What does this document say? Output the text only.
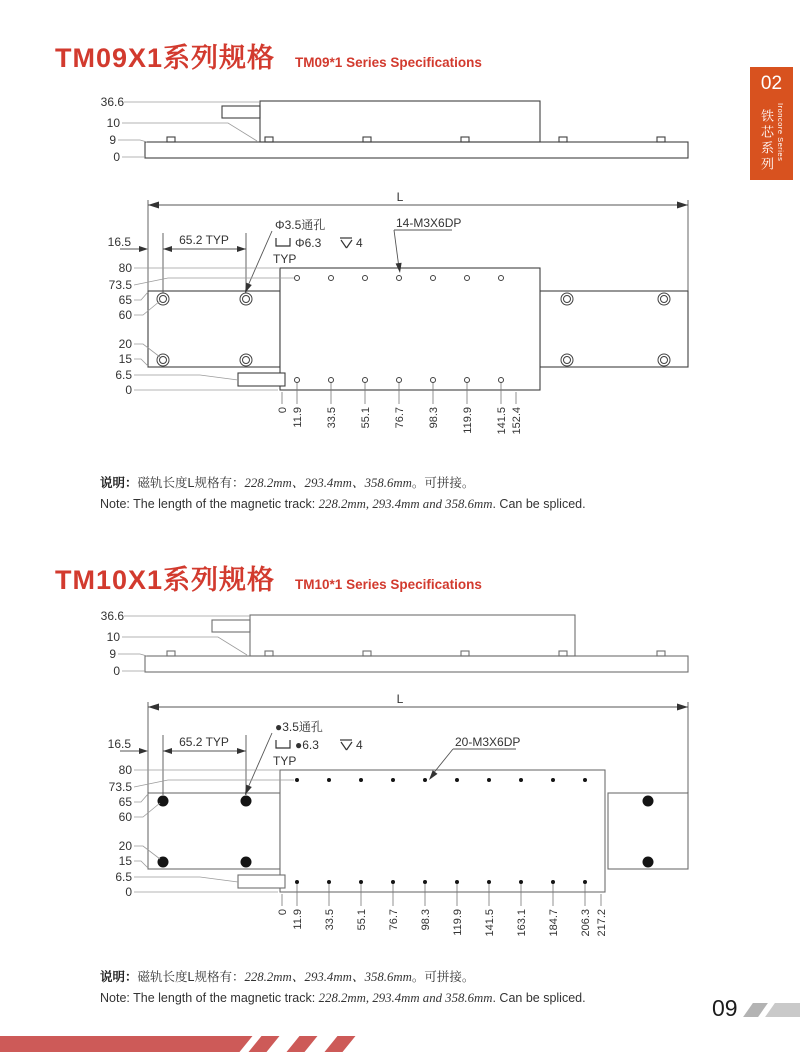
TM09X1系列规格 TM09*1 Series Specifications
TM10X1系列规格 TM10*1 Series Specifications
02
铁芯系列 Ironcore Series
36.6
10
9
0
L
16.5	65.2 TYP
Φ3.5通孔
Φ6.3	4
TYP
14-M3X6DP
80
73.5
65
60
20
15
6.5
0
0 11.9 33.5 55.1 76.7 98.3 119.9 141.5 152.4
36.6
10
9
0
L
16.5	65.2 TYP
●3.5通孔
●6.3	4
TYP
20-M3X6DP
80
73.5
65
60
20
15
6.5
0
0 11.9 33.5 55.1 76.7 98.3 119.9 141.5 163.1 184.7 206.3 217.2

说明：磁轨长度L规格有：228.2mm、293.4mm、358.6mm。可拼接。
Note: The length of the magnetic track: 228.2mm, 293.4mm and 358.6mm. Can be spliced.

说明：磁轨长度L规格有：228.2mm、293.4mm、358.6mm。可拼接。
Note: The length of the magnetic track: 228.2mm, 293.4mm and 358.6mm. Can be spliced.	09
